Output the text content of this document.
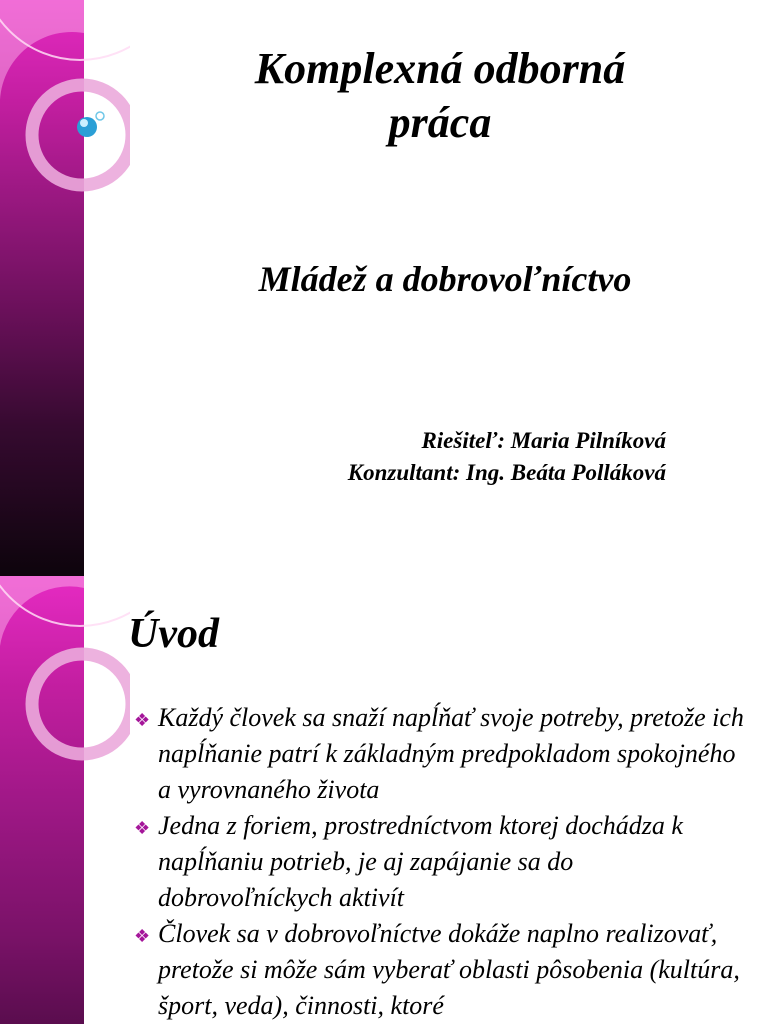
Komplexná odborná
práca
Mládež a dobrovoľníctvo
Riešiteľ: Maria Pilníková
Konzultant: Ing. Beáta Polláková
Úvod
❖ Každý človek sa snaží napĺňať svoje potreby, pretože ich napĺňanie patrí k základným predpokladom spokojného a vyrovnaného života
❖ Jedna z foriem, prostredníctvom ktorej dochádza k napĺňaniu potrieb, je aj zapájanie sa do dobrovoľníckych aktivít
❖ Človek sa v dobrovoľníctve dokáže naplno realizovať, pretože si môže sám vyberať oblasti pôsobenia (kultúra, šport, veda), činnosti, ktoré
